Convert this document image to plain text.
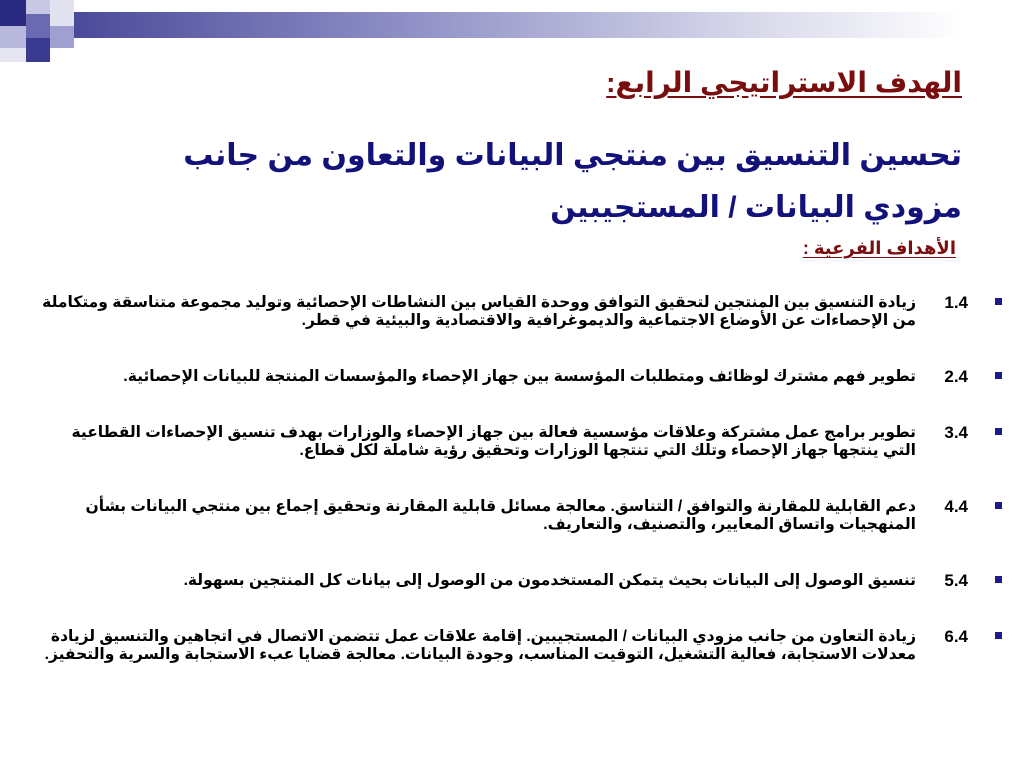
الهدف الاستراتيجي الرابع:
تحسين التنسيق بين منتجي البيانات والتعاون من جانب مزودي البيانات / المستجيبين
الأهداف الفرعية :
1.4
زيادة التنسيق بين المنتجين لتحقيق التوافق ووحدة القياس بين النشاطات الإحصائية وتوليد مجموعة متناسقة ومتكاملة من الإحصاءات عن الأوضاع الاجتماعية والديموغرافية والاقتصادية والبيئية في قطر.
2.4
تطوير فهم مشترك لوظائف ومتطلبات المؤسسة بين جهاز الإحصاء والمؤسسات المنتجة للبيانات الإحصائية.
3.4
تطوير برامج عمل مشتركة وعلاقات مؤسسية فعالة بين جهاز الإحصاء والوزارات بهدف تنسيق الإحصاءات القطاعية التي ينتجها جهاز الإحصاء وتلك التي تنتجها الوزارات وتحقيق رؤية شاملة لكل قطاع.
4.4
دعم القابلية للمقارنة والتوافق / التناسق. معالجة مسائل قابلية المقارنة وتحقيق إجماع بين منتجي البيانات بشأن المنهجيات واتساق المعايير، والتصنيف، والتعاريف.
5.4
تنسيق الوصول إلى البيانات بحيث يتمكن المستخدمون من الوصول إلى بيانات كل المنتجين بسهولة.
6.4
زيادة التعاون من جانب مزودي البيانات / المستجيبين. إقامة علاقات عمل تتضمن الاتصال في اتجاهين والتنسيق لزيادة معدلات الاستجابة، فعالية التشغيل، التوقيت المناسب، وجودة البيانات. معالجة قضايا عبء الاستجابة والسرية والتحفيز.
